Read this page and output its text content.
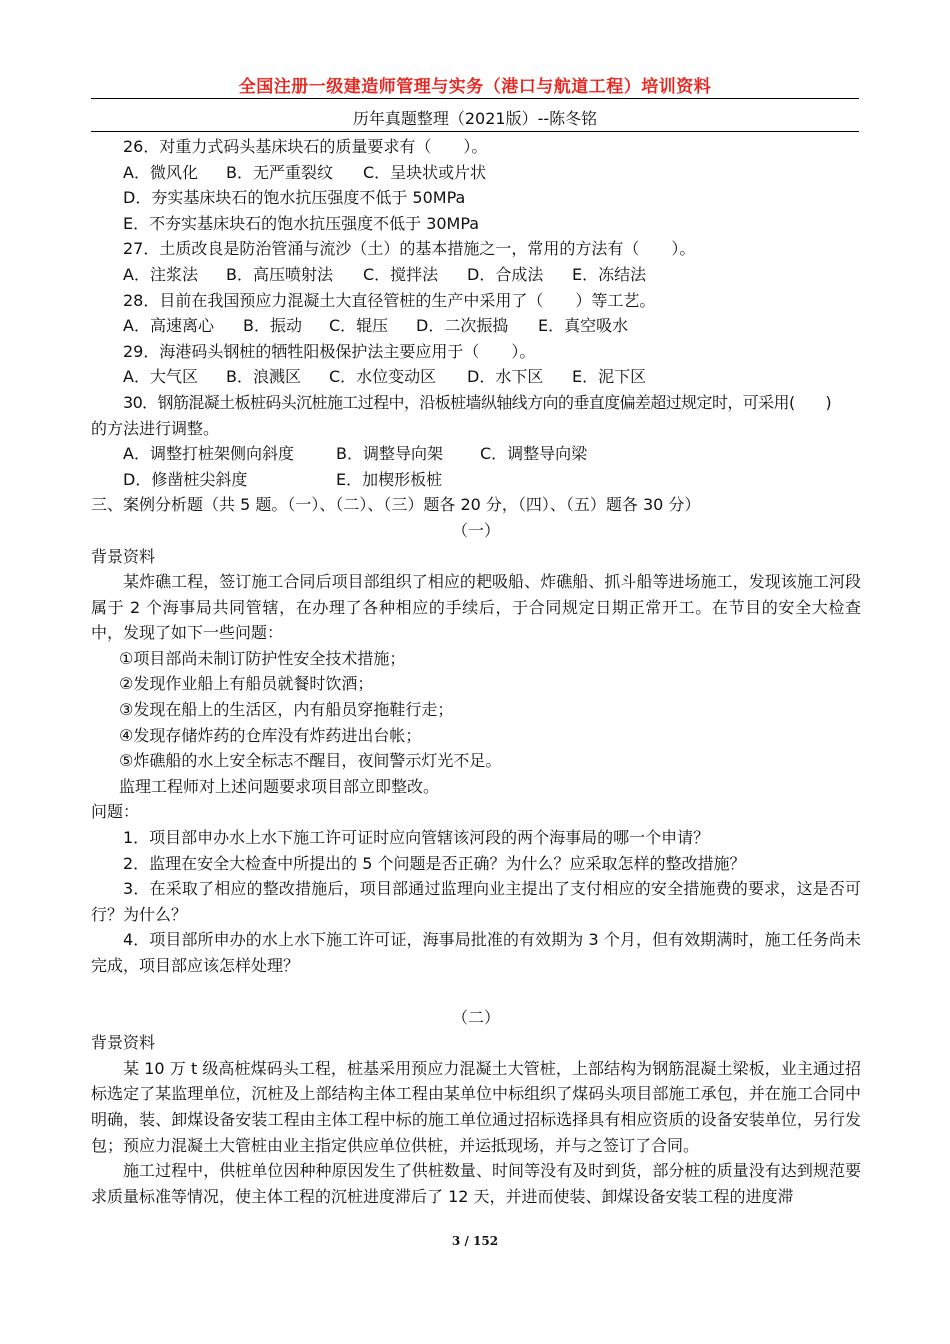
全国注册一级建造师管理与实务（港口与航道工程）培训资料
历年真题整理（2021版）--陈冬铭

26．对重力式码头基床块石的质量要求有（　　）。

A．微风化 B．无严重裂纹 C．呈块状或片状

D．夯实基床块石的饱水抗压强度不低于 50MPa

E．不夯实基床块石的饱水抗压强度不低于 30MPa

27．土质改良是防治管涌与流沙（土）的基本措施之一，常用的方法有（　　）。

A．注浆法 B．高压喷射法 C．搅拌法 D．合成法 E．冻结法

28．目前在我国预应力混凝土大直径管桩的生产中采用了（　　）等工艺。

A．高速离心 B．振动 C．辊压 D．二次振捣 E．真空吸水

29．海港码头钢桩的牺牲阳极保护法主要应用于（　　）。

A．大气区 B．浪溅区 C．水位变动区 D．水下区 E．泥下区

30．钢筋混凝土板桩码头沉桩施工过程中，沿板桩墙纵轴线方向的垂直度偏差超过规定时，可采用(　　)

的方法进行调整。

A．调整打桩架侧向斜度	B．调整导向架 C．调整导向梁

D．修凿桩尖斜度	E．加楔形板桩

三、案例分析题（共 5 题。（一）、（二）、（三）题各 20 分，（四）、（五）题各 30 分）

（一）

背景资料

某炸礁工程，签订施工合同后项目部组织了相应的耙吸船、炸礁船、抓斗船等进场施工，发现该施工河段属于 2 个海事局共同管辖，在办理了各种相应的手续后，于合同规定日期正常开工。在节目的安全大检查中，发现了如下一些问题：

①项目部尚未制订防护性安全技术措施；

②发现作业船上有船员就餐时饮酒；

③发现在船上的生活区，内有船员穿拖鞋行走；

④发现存储炸药的仓库没有炸药进出台帐；

⑤炸礁船的水上安全标志不醒目，夜间警示灯光不足。

监理工程师对上述问题要求项目部立即整改。

问题：

1．项目部申办水上水下施工许可证时应向管辖该河段的两个海事局的哪一个申请？

2．监理在安全大检查中所提出的 5 个问题是否正确？为什么？应采取怎样的整改措施？

3．在采取了相应的整改措施后，项目部通过监理向业主提出了支付相应的安全措施费的要求，这是否可行？为什么？

4．项目部所申办的水上水下施工许可证，海事局批准的有效期为 3 个月，但有效期满时，施工任务尚未完成，项目部应该怎样处理？

（二）

背景资料

某 10 万 t 级高桩煤码头工程，桩基采用预应力混凝土大管桩，上部结构为钢筋混凝土梁板，业主通过招标选定了某监理单位，沉桩及上部结构主体工程由某单位中标组织了煤码头项目部施工承包，并在施工合同中明确，装、卸煤设备安装工程由主体工程中标的施工单位通过招标选择具有相应资质的设备安装单位，另行发包；预应力混凝土大管桩由业主指定供应单位供桩，并运抵现场，并与之签订了合同。

施工过程中，供桩单位因种种原因发生了供桩数量、时间等没有及时到货，部分桩的质量没有达到规范要求质量标准等情况，使主体工程的沉桩进度滞后了 12 天，并进而使装、卸煤设备安装工程的进度滞

3 / 152
